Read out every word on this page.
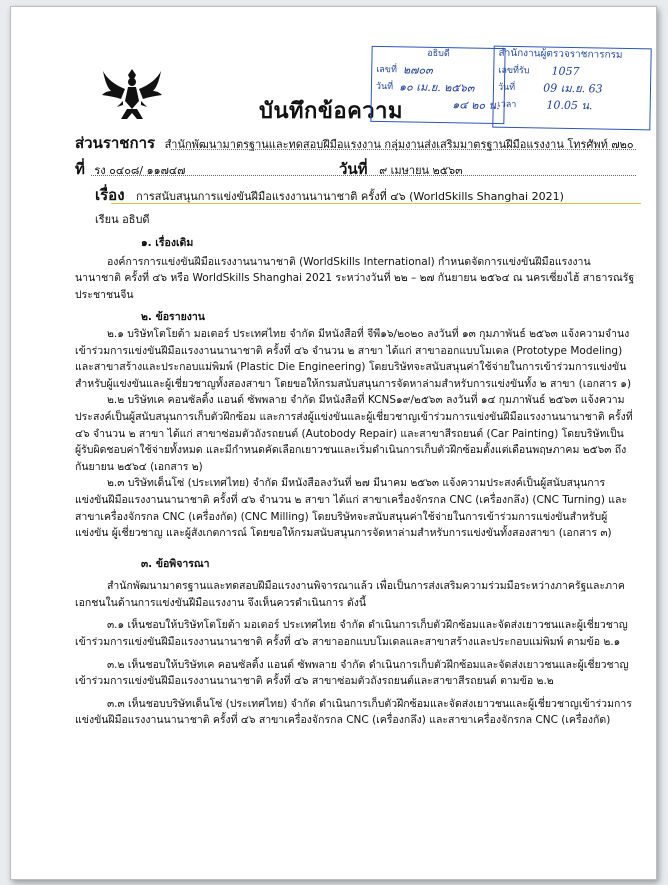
บันทึกข้อความ
อธิบดี
เลขที่ ๒๗๐๓
วันที่ ๑๐ เม.ย. ๒๕๖๓
๑๔ ๒๐ น.
สำนักงานผู้ตรวจราชการกรม
เลขที่รับ 1057
วันที่	09 เม.ย. 63
เวลา	10.05 น.
ส่วนราชการ สำนักพัฒนามาตรฐานและทดสอบฝีมือแรงงาน กลุ่มงานส่งเสริมมาตรฐานฝีมือแรงงาน โทรศัพท์ ๗๒๐
ที่ รง ๐๔๐๘/ ๑๑๗๔๗	วันที่ ๙ เมษายน ๒๕๖๓
เรื่อง การสนับสนุนการแข่งขันฝีมือแรงงานนานาชาติ ครั้งที่ ๔๖ (WorldSkills Shanghai 2021)
เรียน อธิบดี

๑. เรื่องเดิม

องค์การการแข่งขันฝีมือแรงงานนานาชาติ (WorldSkills International) กำหนดจัดการแข่งขันฝีมือแรงงานนานาชาติ ครั้งที่ ๔๖ หรือ WorldSkills Shanghai 2021 ระหว่างวันที่ ๒๒ – ๒๗ กันยายน ๒๕๖๔ ณ นครเซี่ยงไฮ้ สาธารณรัฐประชาชนจีน

๒. ข้อรายงาน

๒.๑ บริษัทโตโยต้า มอเตอร์ ประเทศไทย จำกัด มีหนังสือที่ จีพี๑๖/๒๐๒๐ ลงวันที่ ๑๓ กุมภาพันธ์ ๒๕๖๓ แจ้งความจำนงเข้าร่วมการแข่งขันฝีมือแรงงานนานาชาติ ครั้งที่ ๔๖ จำนวน ๒ สาขา ได้แก่ สาขาออกแบบโมเดล (Prototype Modeling) และสาขาสร้างและประกอบแม่พิมพ์ (Plastic Die Engineering) โดยบริษัทจะสนับสนุนค่าใช้จ่ายในการเข้าร่วมการแข่งขันสำหรับผู้แข่งขันและผู้เชี่ยวชาญทั้งสองสาขา โดยขอให้กรมสนับสนุนการจัดหาล่ามสำหรับการแข่งขันทั้ง ๒ สาขา (เอกสาร ๑)

๒.๒ บริษัทเค คอนซัลติ้ง แอนด์ ซัพพลาย จำกัด มีหนังสือที่ KCNS๑๙/๒๕๖๓ ลงวันที่ ๑๔ กุมภาพันธ์ ๒๕๖๓ แจ้งความประสงค์เป็นผู้สนับสนุนการเก็บตัวฝึกซ้อม และการส่งผู้แข่งขันและผู้เชี่ยวชาญเข้าร่วมการแข่งขันฝีมือแรงงานนานาชาติ ครั้งที่ ๔๖ จำนวน ๒ สาขา ได้แก่ สาขาซ่อมตัวถังรถยนต์ (Autobody Repair) และสาขาสีรถยนต์ (Car Painting) โดยบริษัทเป็นผู้รับผิดชอบค่าใช้จ่ายทั้งหมด และมีกำหนดคัดเลือกเยาวชนและเริ่มดำเนินการเก็บตัวฝึกซ้อมตั้งแต่เดือนพฤษภาคม ๒๕๖๓ ถึงกันยายน ๒๕๖๔ (เอกสาร ๒)

๒.๓ บริษัทเด็นโซ่ (ประเทศไทย) จำกัด มีหนังสือลงวันที่ ๒๗ มีนาคม ๒๕๖๓ แจ้งความประสงค์เป็นผู้สนับสนุนการแข่งขันฝีมือแรงงานนานาชาติ ครั้งที่ ๔๖ จำนวน ๒ สาขา ได้แก่ สาขาเครื่องจักรกล CNC (เครื่องกลึง) (CNC Turning) และสาขาเครื่องจักรกล CNC (เครื่องกัด) (CNC Milling) โดยบริษัทจะสนับสนุนค่าใช้จ่ายในการเข้าร่วมการแข่งขันสำหรับผู้แข่งขัน ผู้เชี่ยวชาญ และผู้สังเกตการณ์ โดยขอให้กรมสนับสนุนการจัดหาล่ามสำหรับการแข่งขันทั้งสองสาขา (เอกสาร ๓)

๓. ข้อพิจารณา

สำนักพัฒนามาตรฐานและทดสอบฝีมือแรงงานพิจารณาแล้ว เพื่อเป็นการส่งเสริมความร่วมมือระหว่างภาครัฐและภาคเอกชนในด้านการแข่งขันฝีมือแรงงาน จึงเห็นควรดำเนินการ ดังนี้

๓.๑ เห็นชอบให้บริษัทโตโยต้า มอเตอร์ ประเทศไทย จำกัด ดำเนินการเก็บตัวฝึกซ้อมและจัดส่งเยาวชนและผู้เชี่ยวชาญเข้าร่วมการแข่งขันฝีมือแรงงานนานาชาติ ครั้งที่ ๔๖ สาขาออกแบบโมเดลและสาขาสร้างและประกอบแม่พิมพ์ ตามข้อ ๒.๑

๓.๒ เห็นชอบให้บริษัทเค คอนซัลติ้ง แอนด์ ซัพพลาย จำกัด ดำเนินการเก็บตัวฝึกซ้อมและจัดส่งเยาวชนและผู้เชี่ยวชาญเข้าร่วมการแข่งขันฝีมือแรงงานนานาชาติ ครั้งที่ ๔๖ สาขาซ่อมตัวถังรถยนต์และสาขาสีรถยนต์ ตามข้อ ๒.๒

๓.๓ เห็นชอบบริษัทเด็นโซ่ (ประเทศไทย) จำกัด ดำเนินการเก็บตัวฝึกซ้อมและจัดส่งเยาวชนและผู้เชี่ยวชาญเข้าร่วมการแข่งขันฝีมือแรงงานนานาชาติ ครั้งที่ ๔๖ สาขาเครื่องจักรกล CNC (เครื่องกลึง) และสาขาเครื่องจักรกล CNC (เครื่องกัด)
